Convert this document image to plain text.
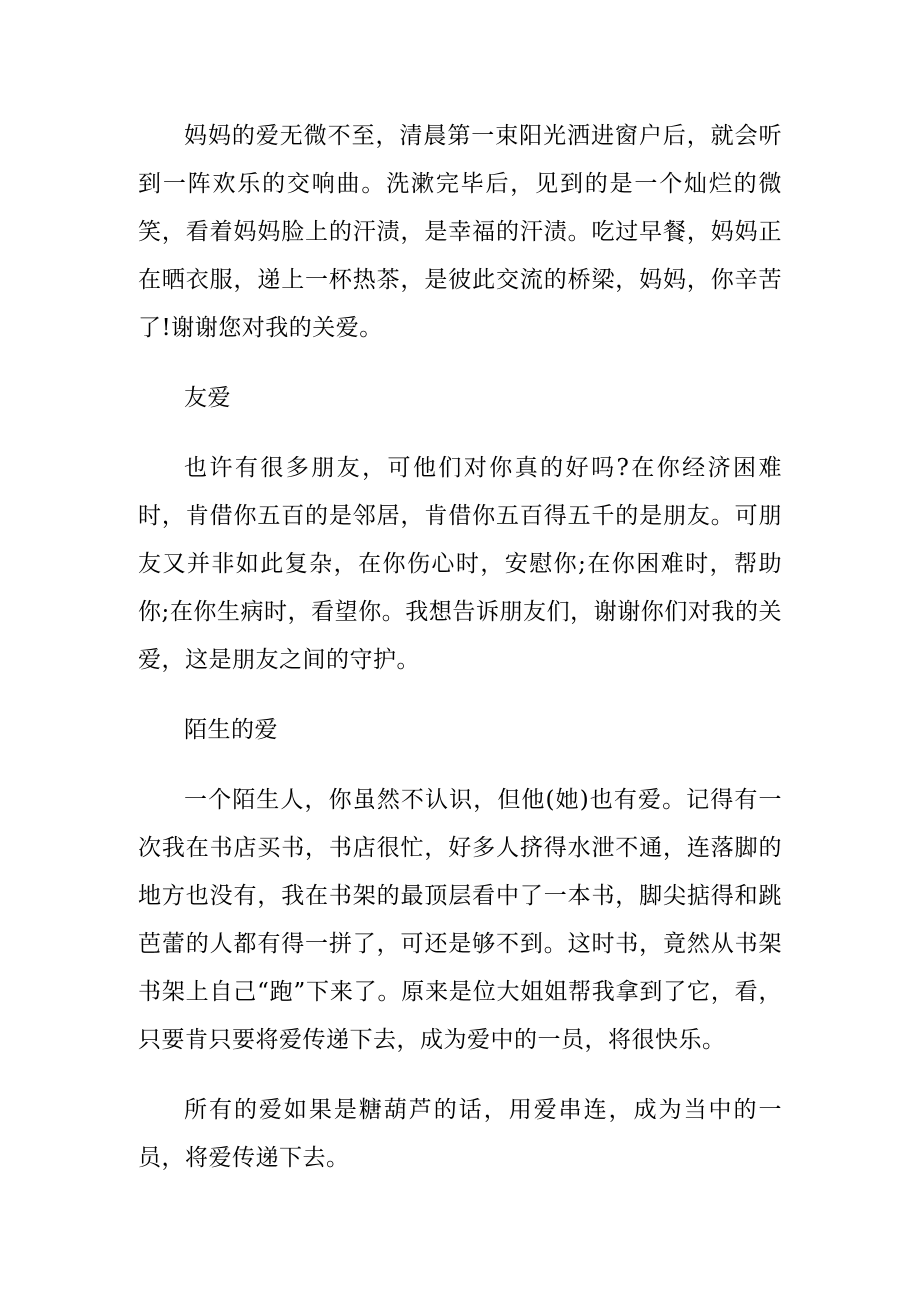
妈妈的爱无微不至，清晨第一束阳光洒进窗户后，就会听到一阵欢乐的交响曲。洗漱完毕后，见到的是一个灿烂的微笑，看着妈妈脸上的汗渍，是幸福的汗渍。吃过早餐，妈妈正在晒衣服，递上一杯热茶，是彼此交流的桥梁，妈妈，你辛苦了!谢谢您对我的关爱。

友爱

也许有很多朋友，可他们对你真的好吗?在你经济困难时，肯借你五百的是邻居，肯借你五百得五千的是朋友。可朋友又并非如此复杂，在你伤心时，安慰你;在你困难时，帮助你;在你生病时，看望你。我想告诉朋友们，谢谢你们对我的关爱，这是朋友之间的守护。

陌生的爱

一个陌生人，你虽然不认识，但他(她)也有爱。记得有一次我在书店买书，书店很忙，好多人挤得水泄不通，连落脚的地方也没有，我在书架的最顶层看中了一本书，脚尖掂得和跳芭蕾的人都有得一拼了，可还是够不到。这时书，竟然从书架书架上自己“跑”下来了。原来是位大姐姐帮我拿到了它，看，只要肯只要将爱传递下去，成为爱中的一员，将很快乐。

所有的爱如果是糖葫芦的话，用爱串连，成为当中的一员，将爱传递下去。
